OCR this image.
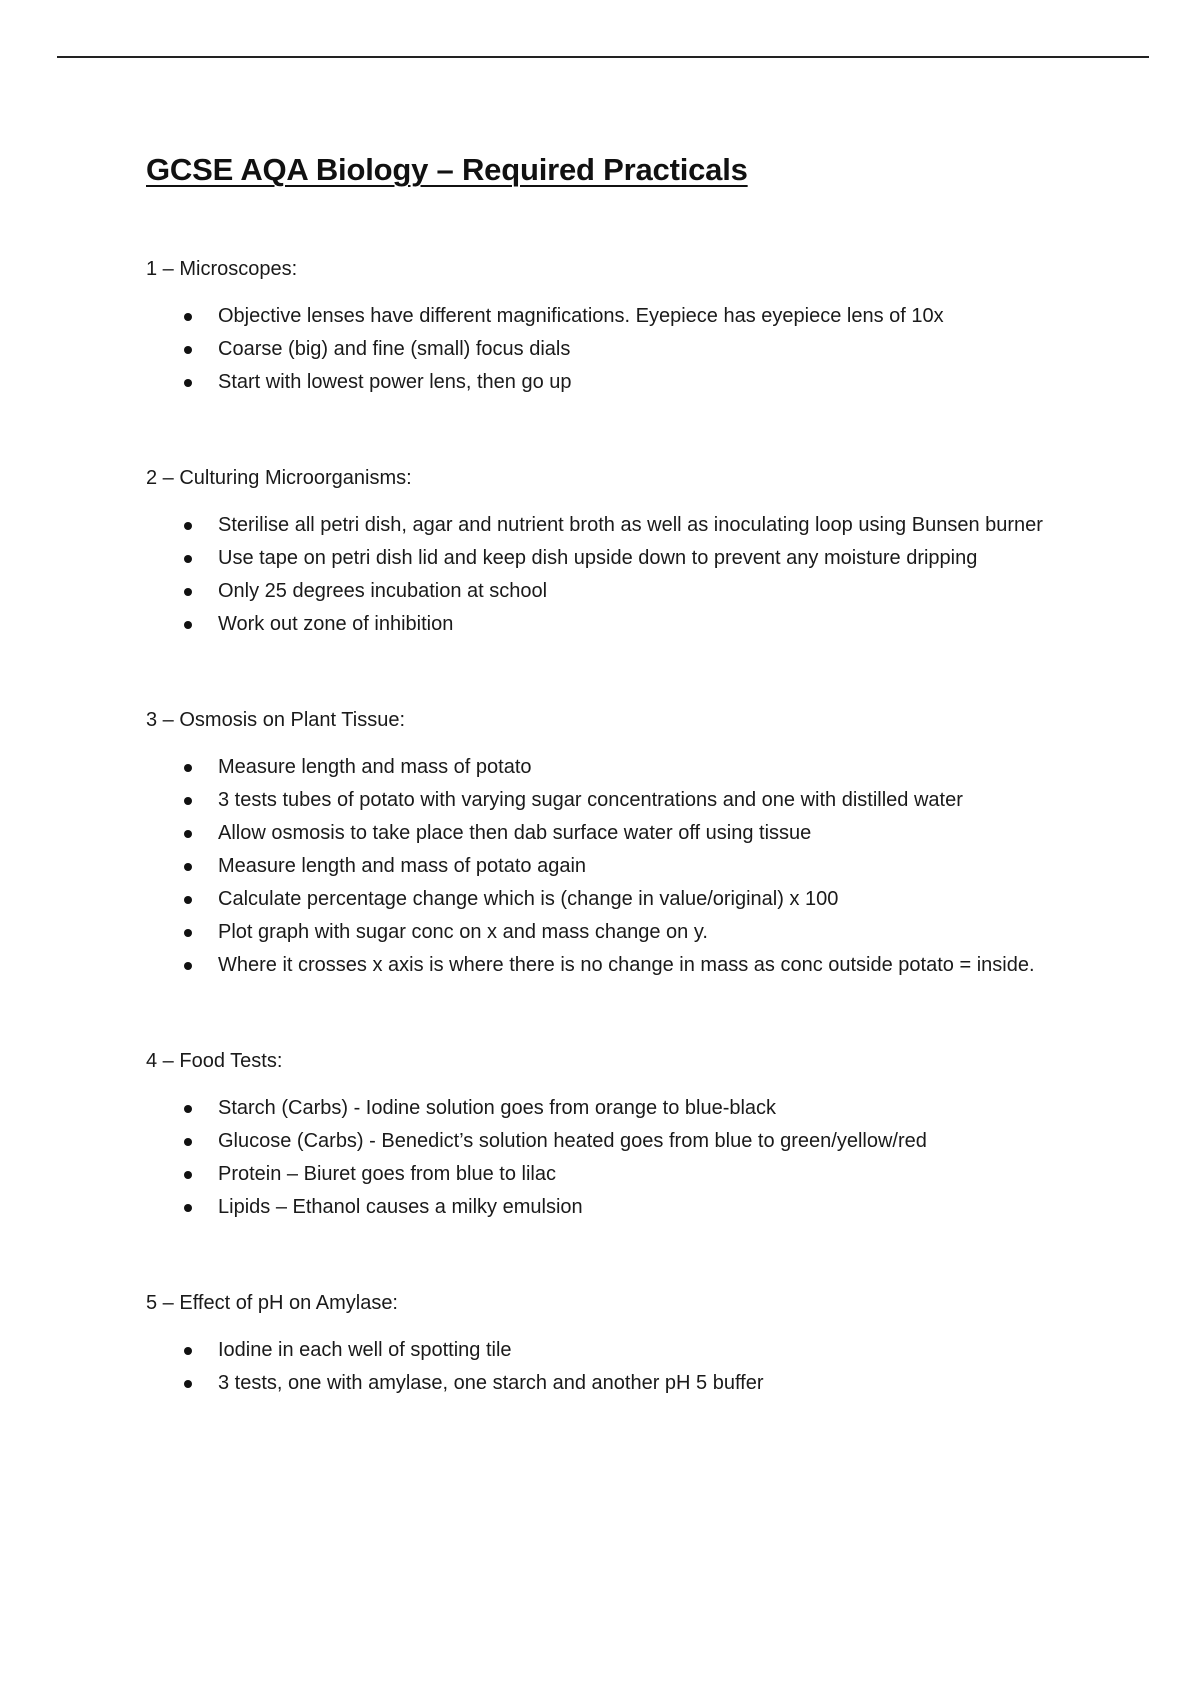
GCSE AQA Biology – Required Practicals
1 – Microscopes:
Objective lenses have different magnifications. Eyepiece has eyepiece lens of 10x
Coarse (big) and fine (small) focus dials
Start with lowest power lens, then go up
2 – Culturing Microorganisms:
Sterilise all petri dish, agar and nutrient broth as well as inoculating loop using Bunsen burner
Use tape on petri dish lid and keep dish upside down to prevent any moisture dripping
Only 25 degrees incubation at school
Work out zone of inhibition
3 – Osmosis on Plant Tissue:
Measure length and mass of potato
3 tests tubes of potato with varying sugar concentrations and one with distilled water
Allow osmosis to take place then dab surface water off using tissue
Measure length and mass of potato again
Calculate percentage change which is (change in value/original) x 100
Plot graph with sugar conc on x and mass change on y.
Where it crosses x axis is where there is no change in mass as conc outside potato = inside.
4 – Food Tests:
Starch (Carbs) - Iodine solution goes from orange to blue-black
Glucose (Carbs) - Benedict’s solution heated goes from blue to green/yellow/red
Protein – Biuret goes from blue to lilac
Lipids – Ethanol causes a milky emulsion
5 – Effect of pH on Amylase:
Iodine in each well of spotting tile
3 tests, one with amylase, one starch and another pH 5 buffer
